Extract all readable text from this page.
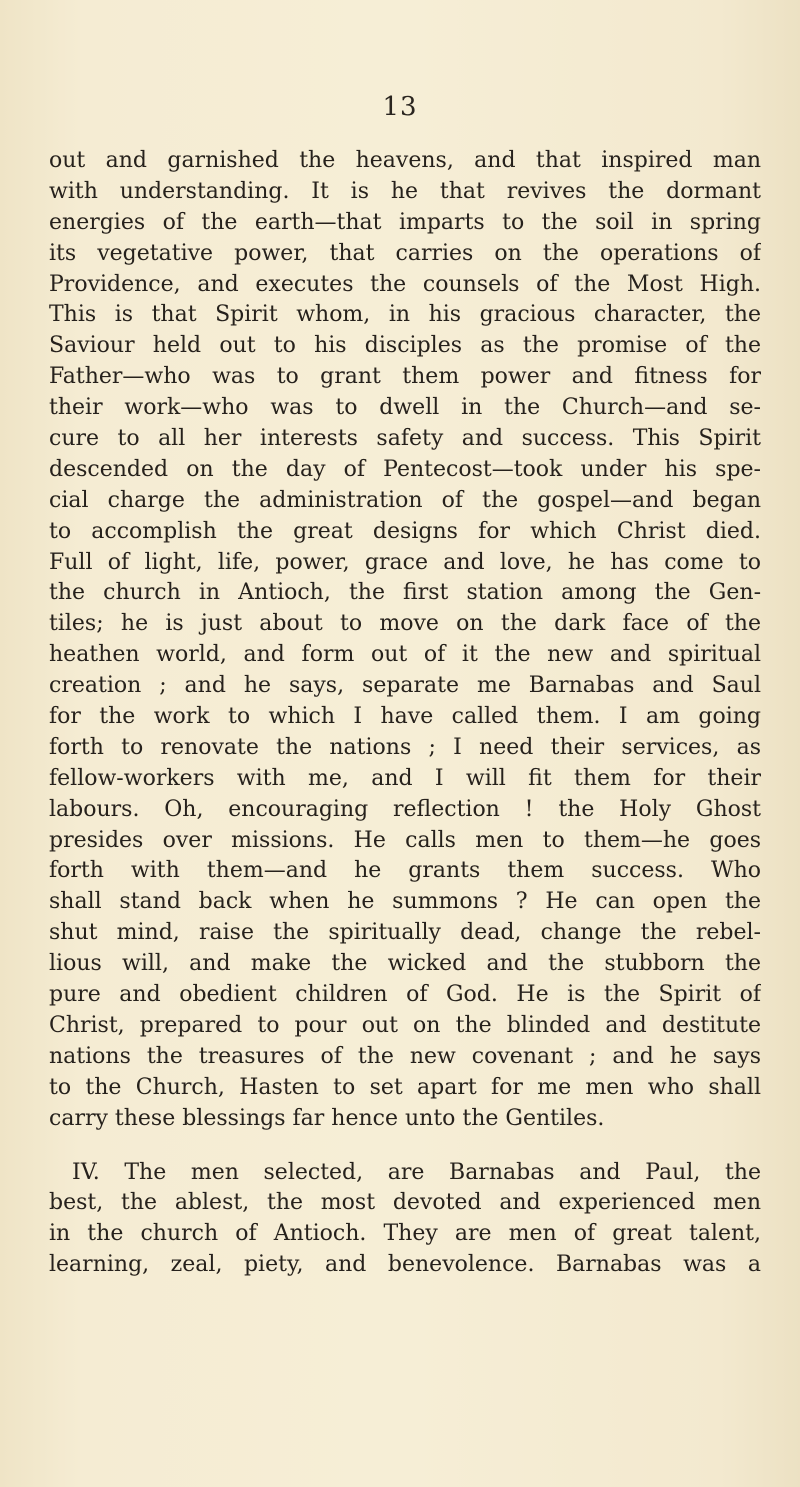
13
out and garnished the heavens, and that inspired man
with understanding. It is he that revives the dormant
energies of the earth—that imparts to the soil in spring
its vegetative power, that carries on the operations of
Providence, and executes the counsels of the Most High.
This is that Spirit whom, in his gracious character, the
Saviour held out to his disciples as the promise of the
Father—who was to grant them power and fitness for
their work—who was to dwell in the Church—and se-
cure to all her interests safety and success. This Spirit
descended on the day of Pentecost—took under his spe-
cial charge the administration of the gospel—and began
to accomplish the great designs for which Christ died.
Full of light, life, power, grace and love, he has come to
the church in Antioch, the first station among the Gen-
tiles; he is just about to move on the dark face of the
heathen world, and form out of it the new and spiritual
creation ; and he says, separate me Barnabas and Saul
for the work to which I have called them. I am going
forth to renovate the nations ; I need their services, as
fellow-workers with me, and I will fit them for their
labours. Oh, encouraging reflection ! the Holy Ghost
presides over missions. He calls men to them—he goes
forth with them—and he grants them success. Who
shall stand back when he summons ? He can open the
shut mind, raise the spiritually dead, change the rebel-
lious will, and make the wicked and the stubborn the
pure and obedient children of God. He is the Spirit of
Christ, prepared to pour out on the blinded and destitute
nations the treasures of the new covenant ; and he says
to the Church, Hasten to set apart for me men who shall
carry these blessings far hence unto the Gentiles.
IV. The men selected, are Barnabas and Paul, the
best, the ablest, the most devoted and experienced men
in the church of Antioch. They are men of great talent,
learning, zeal, piety, and benevolence. Barnabas was a
